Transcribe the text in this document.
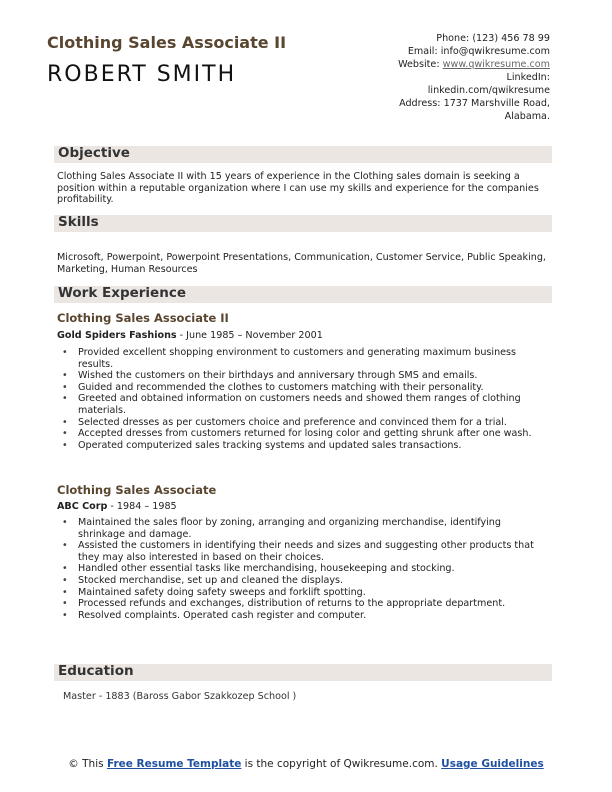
Clothing Sales Associate II
ROBERT SMITH
Phone: (123) 456 78 99
Email: info@qwikresume.com
Website: www.qwikresume.com
LinkedIn:
linkedin.com/qwikresume
Address: 1737 Marshville Road,
Alabama.
Objective
Clothing Sales Associate II with 15 years of experience in the Clothing sales domain is seeking a position within a reputable organization where I can use my skills and experience for the companies profitability.
Skills
Microsoft, Powerpoint, Powerpoint Presentations, Communication, Customer Service, Public Speaking, Marketing, Human Resources
Work Experience
Clothing Sales Associate II
Gold Spiders Fashions - June 1985 – November 2001
• Provided excellent shopping environment to customers and generating maximum business results.
• Wished the customers on their birthdays and anniversary through SMS and emails.
• Guided and recommended the clothes to customers matching with their personality.
• Greeted and obtained information on customers needs and showed them ranges of clothing materials.
• Selected dresses as per customers choice and preference and convinced them for a trial.
• Accepted dresses from customers returned for losing color and getting shrunk after one wash.
• Operated computerized sales tracking systems and updated sales transactions.
Clothing Sales Associate
ABC Corp - 1984 – 1985
• Maintained the sales floor by zoning, arranging and organizing merchandise, identifying shrinkage and damage.
• Assisted the customers in identifying their needs and sizes and suggesting other products that they may also interested in based on their choices.
• Handled other essential tasks like merchandising, housekeeping and stocking.
• Stocked merchandise, set up and cleaned the displays.
• Maintained safety doing safety sweeps and forklift spotting.
• Processed refunds and exchanges, distribution of returns to the appropriate department.
• Resolved complaints. Operated cash register and computer.
Education
Master - 1883 (Baross Gabor Szakkozep School )
© This Free Resume Template is the copyright of Qwikresume.com. Usage Guidelines
